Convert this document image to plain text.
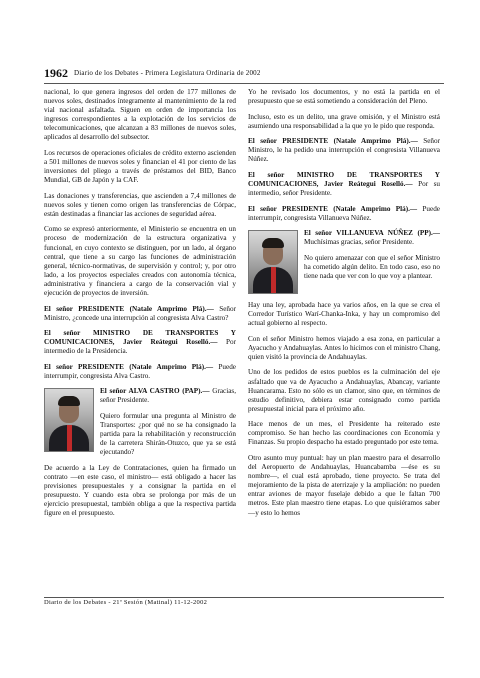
1962 Diario de los Debates - Primera Legislatura Ordinaria de 2002

nacional, lo que genera ingresos del orden de 177 millones de nuevos soles, destinados íntegramente al mantenimiento de la red vial nacional asfaltada. Siguen en orden de importancia los ingresos correspondientes a la explotación de los servicios de telecomunicaciones, que alcanzan a 83 millones de nuevos soles, aplicados al desarrollo del subsector.

Los recursos de operaciones oficiales de crédito externo ascienden a 501 millones de nuevos soles y financian el 41 por ciento de las inversiones del pliego a través de préstamos del BID, Banco Mundial, GB de Japón y la CAF.

Las donaciones y transferencias, que ascienden a 7,4 millones de nuevos soles y tienen como origen las transferencias de Córpac, están destinadas a financiar las acciones de seguridad aérea.

Como se expresó anteriormente, el Ministerio se encuentra en un proceso de modernización de la estructura organizativa y funcional, en cuyo contexto se distinguen, por un lado, al órgano central, que tiene a su cargo las funciones de administración general, técnico-normativas, de supervisión y control; y, por otro lado, a los proyectos especiales creados con autonomía técnica, administrativa y financiera a cargo de la conservación vial y ejecución de proyectos de inversión.

El señor PRESIDENTE (Natale Amprimo Plá).— Señor Ministro, ¿concede una interrupción al congresista Alva Castro?

El señor MINISTRO DE TRANSPORTES Y COMUNICACIONES, Javier Reátegui Roselló.— Por intermedio de la Presidencia.

El señor PRESIDENTE (Natale Amprimo Plá).— Puede interrumpir, congresista Alva Castro.

El señor ALVA CASTRO (PAP).— Gracias, señor Presidente.

Quiero formular una pregunta al Ministro de Transportes: ¿por qué no se ha consignado la partida para la rehabilitación y reconstrucción de la carretera Shirán-Otuzco, que ya se está ejecutando?

De acuerdo a la Ley de Contrataciones, quien ha firmado un contrato —en este caso, el ministro— está obligado a hacer las previsiones presupuestales y a consignar la partida en el presupuesto. Y cuando esta obra se prolonga por más de un ejercicio presupuestal, también obliga a que la respectiva partida figure en el presupuesto.

Yo he revisado los documentos, y no está la partida en el presupuesto que se está sometiendo a consideración del Pleno.

Incluso, esto es un delito, una grave omisión, y el Ministro está asumiendo una responsabilidad a la que yo le pido que responda.

El señor PRESIDENTE (Natale Amprimo Plá).— Señor Ministro, le ha pedido una interrupción el congresista Villanueva Núñez.

El señor MINISTRO DE TRANSPORTES Y COMUNICACIONES, Javier Reátegui Roselló.— Por su intermedio, señor Presidente.

El señor PRESIDENTE (Natale Amprimo Plá).— Puede interrumpir, congresista Villanueva Núñez.

El señor VILLANUEVA NÚÑEZ (PP).— Muchísimas gracias, señor Presidente.

No quiero amenazar con que el señor Ministro ha cometido algún delito. En todo caso, eso no tiene nada que ver con lo que voy a plantear.

Hay una ley, aprobada hace ya varios años, en la que se crea el Corredor Turístico Warí-Chanka-Inka, y hay un compromiso del actual gobierno al respecto.

Con el señor Ministro hemos viajado a esa zona, en particular a Ayacucho y Andahuaylas. Antes lo hicimos con el ministro Chang, quien visitó la provincia de Andahuaylas.

Uno de los pedidos de estos pueblos es la culminación del eje asfaltado que va de Ayacucho a Andahuaylas, Abancay, variante Huancarama. Esto no sólo es un clamor, sino que, en términos de estudio definitivo, debiera estar consignado como partida presupuestal inicial para el próximo año.

Hace menos de un mes, el Presidente ha reiterado este compromiso. Se han hecho las coordinaciones con Economía y Finanzas. Su propio despacho ha estado preguntado por este tema.

Otro asunto muy puntual: hay un plan maestro para el desarrollo del Aeropuerto de Andahuaylas, Huancabamba —ése es su nombre—, el cual está aprobado, tiene proyecto. Se trata del mejoramiento de la pista de aterrizaje y la ampliación: no pueden entrar aviones de mayor fuselaje debido a que le faltan 700 metros. Este plan maestro tiene etapas. Lo que quisiéramos saber —y esto lo hemos

Diario de los Debates - 21ª Sesión (Matinal) 11-12-2002
